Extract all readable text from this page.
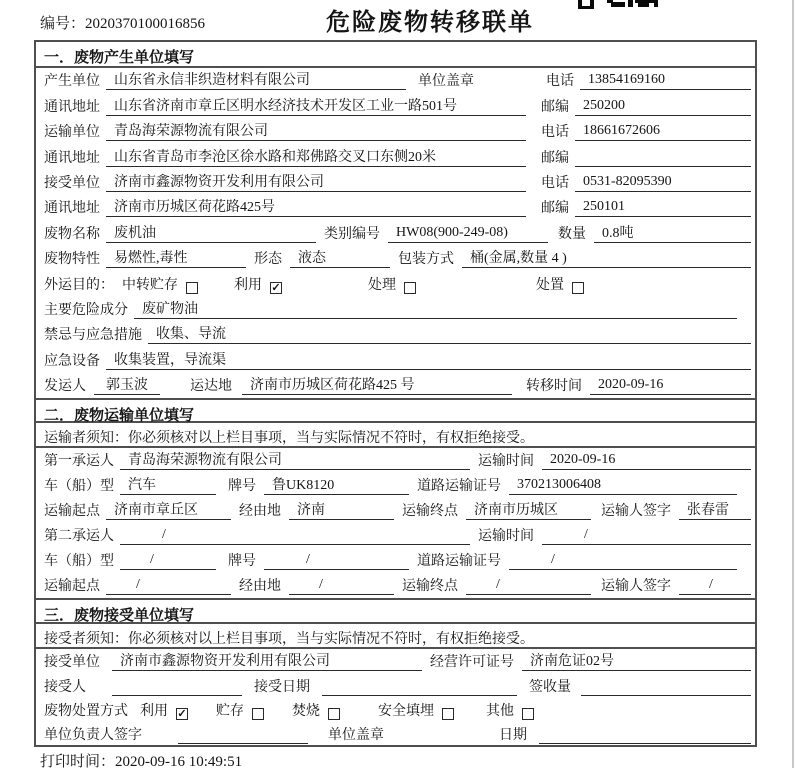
编号：2020370100016856	危险废物转移联单
一．废物产生单位填写
产生单位	山东省永信非织造材料有限公司	单位盖章	电话	13854169160
通讯地址	山东省济南市章丘区明水经济技术开发区工业一路501号	邮编	250200
运输单位	青岛海荣源物流有限公司	电话	18661672606
通讯地址	山东省青岛市李沧区徐水路和郑佛路交叉口东侧20米	邮编
接受单位	济南市鑫源物资开发利用有限公司	电话	0531-82095390
通讯地址	济南市历城区荷花路425号	邮编	250101
废物名称	废机油	类别编号	HW08(900-249-08)	数量	0.8吨
废物特性	易燃性,毒性	形态	液态	包装方式	桶(金属,数量 4 )
外运目的： 中转贮存	利用 ✓	处理	处置
主要危险成分	废矿物油
禁忌与应急措施	收集、导流
应急设备	收集装置，导流渠
发运人	郭玉波	运达地	济南市历城区荷花路425 号	转移时间	2020-09-16
二．废物运输单位填写
运输者须知：你必须核对以上栏目事项，当与实际情况不符时，有权拒绝接受。
第一承运人	青岛海荣源物流有限公司	运输时间	2020-09-16
车（船）型	汽车	牌号	鲁UK8120	道路运输证号	370213006408
运输起点	济南市章丘区	经由地	济南	运输终点	济南市历城区	运输人签字	张春雷
第二承运人	/	运输时间	/
车（船）型	/	牌号	/	道路运输证号	/
运输起点	/	经由地	/	运输终点	/	运输人签字	/
三．废物接受单位填写
接受者须知：你必须核对以上栏目事项，当与实际情况不符时，有权拒绝接受。
接受单位	济南市鑫源物资开发利用有限公司	经营许可证号	济南危证02号
接受人	接受日期	签收量
废物处置方式 利用 ✓ 贮存	焚烧	安全填埋	其他
单位负责人签字	单位盖章	日期
打印时间：2020-09-16 10:49:51
